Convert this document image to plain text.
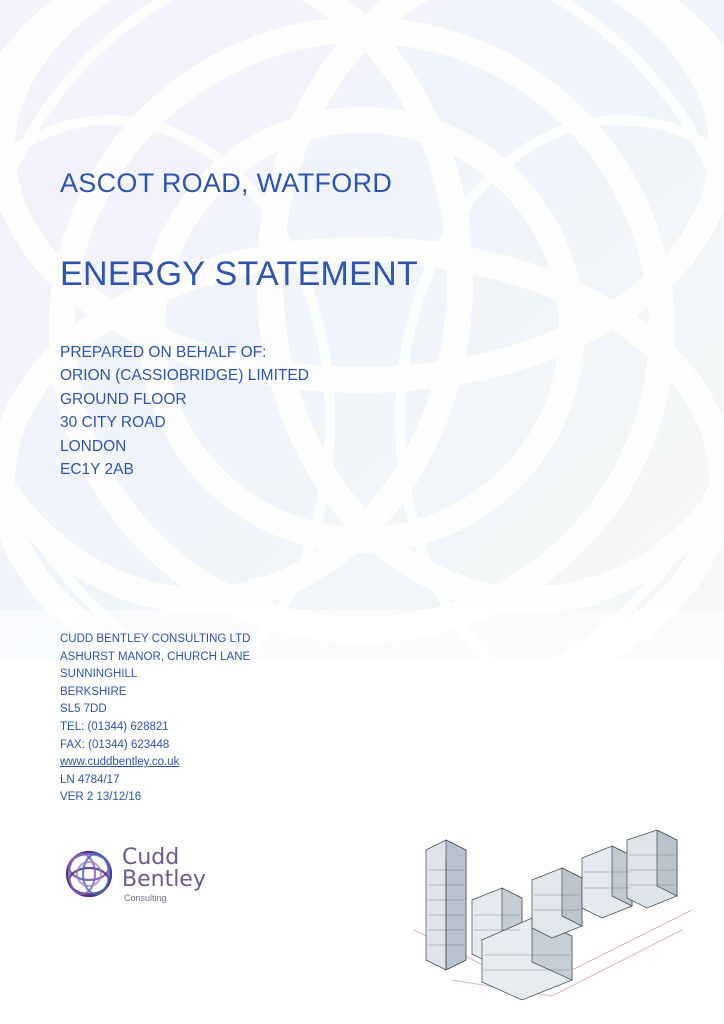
ASCOT ROAD, WATFORD
ENERGY STATEMENT
PREPARED ON BEHALF OF:
ORION (CASSIOBRIDGE) LIMITED
GROUND FLOOR
30 CITY ROAD
LONDON
EC1Y 2AB
CUDD BENTLEY CONSULTING LTD
ASHURST MANOR, CHURCH LANE
SUNNINGHILL
BERKSHIRE
SL5 7DD
TEL: (01344) 628821
FAX: (01344) 623448
www.cuddbentley.co.uk
LN 4784/17
VER 2 13/12/16
Cudd
Bentley
Consulting
